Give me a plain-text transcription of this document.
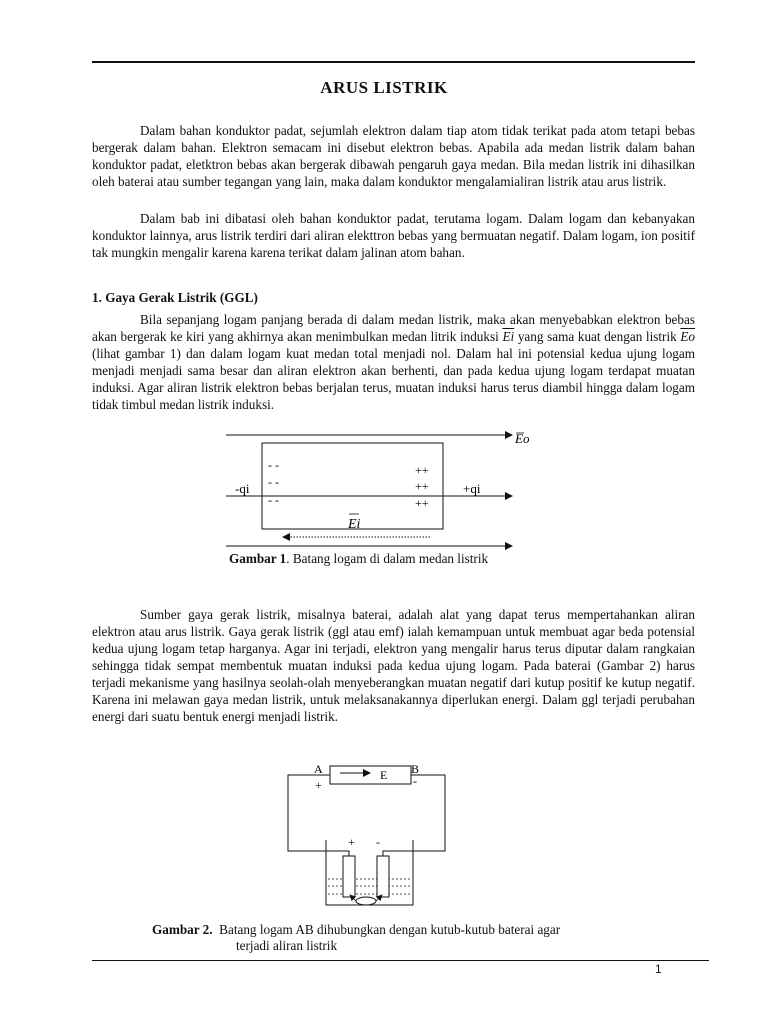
ARUS LISTRIK

Dalam bahan konduktor padat, sejumlah elektron dalam tiap atom tidak terikat pada atom tetapi bebas bergerak dalam bahan. Elektron semacam ini disebut elektron bebas. Apabila ada medan listrik dalam bahan konduktor padat, eletktron bebas akan bergerak dibawah pengaruh gaya medan. Bila medan listrik ini dihasilkan oleh baterai atau sumber tegangan yang lain, maka dalam konduktor mengalamialiran listrik atau arus listrik.

Dalam bab ini dibatasi oleh bahan konduktor padat, terutama logam. Dalam logam dan kebanyakan konduktor lainnya, arus listrik terdiri dari aliran elekttron bebas yang bermuatan negatif. Dalam logam, ion positif tak mungkin mengalir karena karena terikat dalam jalinan atom bahan.

1. Gaya Gerak Listrik (GGL)

Bila sepanjang logam panjang berada di dalam medan listrik, maka akan menyebabkan elektron bebas akan bergerak ke kiri yang akhirnya akan menimbulkan medan litrik induksi $\overline{Ei}$ yang sama kuat dengan listrik $\overline{Eo}$ (lihat gambar 1) dan dalam logam kuat medan total menjadi nol. Dalam hal ini potensial kedua ujung logam menjadi menjadi sama besar dan aliran elektron akan berhenti, dan pada kedua ujung logam terdapat muatan induksi. Agar aliran listrik elektron bebas berjalan terus, muatan induksi harus terus diambil hingga dalam logam tidak timbul medan listrik induksi.

Eo
- -
- -
- -
++
++
++
-qi	+qi
Ei
Gambar 1. Batang logam di dalam medan listrik

Sumber gaya gerak listrik, misalnya baterai, adalah alat yang dapat terus mempertahankan aliran elektron atau arus listrik. Gaya gerak listrik (ggl atau emf) ialah kemampuan untuk membuat agar beda potensial kedua ujung logam tetap harganya. Agar ini terjadi, elektron yang mengalir harus terus diputar dalam rangkaian sehingga tidak sempat membentuk muatan induksi pada kedua ujung logam. Pada baterai (Gambar 2) harus terjadi mekanisme yang hasilnya seolah-olah menyeberangkan muatan negatif dari kutup positif ke kutup negatif. Karena ini melawan gaya medan listrik, untuk melaksanakannya diperlukan energi. Dalam ggl terjadi perubahan energi dari suatu bentuk energi menjadi listrik.

E
A	B
+	-
+ -
Gambar 2.  Batang logam AB dihubungkan dengan kutub-kutub baterai agar
terjadi aliran listrik
1
